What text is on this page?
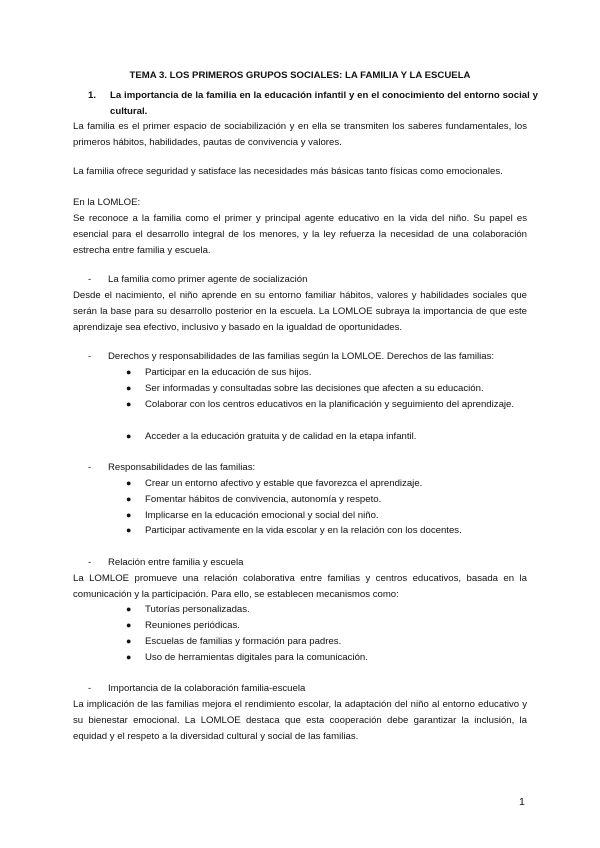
TEMA 3. LOS PRIMEROS GRUPOS SOCIALES: LA FAMILIA Y LA ESCUELA
1. La importancia de la familia en la educación infantil y en el conocimiento del entorno social y cultural.
La familia es el primer espacio de sociabilización y en ella se transmiten los saberes fundamentales, los primeros hábitos, habilidades, pautas de convivencia y valores.
La familia ofrece seguridad y satisface las necesidades más básicas tanto físicas como emocionales.
En la LOMLOE:
Se reconoce a la familia como el primer y principal agente educativo en la vida del niño. Su papel es esencial para el desarrollo integral de los menores, y la ley refuerza la necesidad de una colaboración estrecha entre familia y escuela.
- La familia como primer agente de socialización
Desde el nacimiento, el niño aprende en su entorno familiar hábitos, valores y habilidades sociales que serán la base para su desarrollo posterior en la escuela. La LOMLOE subraya la importancia de que este aprendizaje sea efectivo, inclusivo y basado en la igualdad de oportunidades.
- Derechos y responsabilidades de las familias según la LOMLOE. Derechos de las familias:
● Participar en la educación de sus hijos.
● Ser informadas y consultadas sobre las decisiones que afecten a su educación.
● Colaborar con los centros educativos en la planificación y seguimiento del aprendizaje.
● Acceder a la educación gratuita y de calidad en la etapa infantil.
- Responsabilidades de las familias:
● Crear un entorno afectivo y estable que favorezca el aprendizaje.
● Fomentar hábitos de convivencia, autonomía y respeto.
● Implicarse en la educación emocional y social del niño.
● Participar activamente en la vida escolar y en la relación con los docentes.
- Relación entre familia y escuela
La LOMLOE promueve una relación colaborativa entre familias y centros educativos, basada en la comunicación y la participación. Para ello, se establecen mecanismos como:
● Tutorías personalizadas.
● Reuniones periódicas.
● Escuelas de familias y formación para padres.
● Uso de herramientas digitales para la comunicación.
- Importancia de la colaboración familia-escuela
La implicación de las familias mejora el rendimiento escolar, la adaptación del niño al entorno educativo y su bienestar emocional. La LOMLOE destaca que esta cooperación debe garantizar la inclusión, la equidad y el respeto a la diversidad cultural y social de las familias.
1
